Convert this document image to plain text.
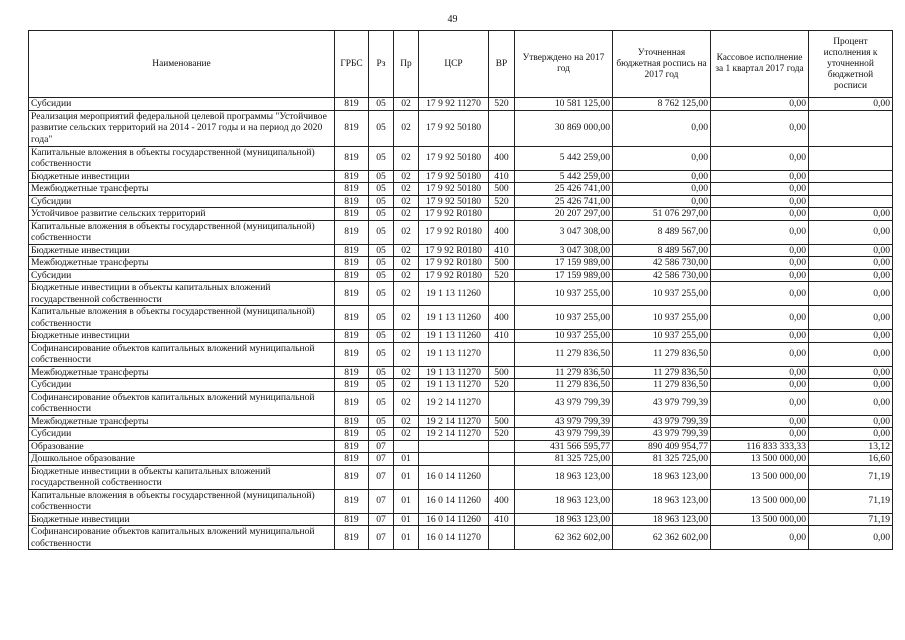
49
Наименование	ГРБС	Рз	Пр	ЦСР	ВР	Утверждено на 2017 год	Уточненная бюджетная роспись на 2017 год	Кассовое исполнение за 1 квартал 2017 года	Процент исполнения к уточненной бюджетной росписи
Субсидии	819	05	02	17 9 92 11270	520	10 581 125,00	8 762 125,00	0,00	0,00
Реализация мероприятий федеральной целевой программы "Устойчивое развитие сельских территорий на 2014 - 2017 годы и на период до 2020 года"	819	05	02	17 9 92 50180		30 869 000,00	0,00	0,00	
Капитальные вложения в объекты государственной (муниципальной) собственности	819	05	02	17 9 92 50180	400	5 442 259,00	0,00	0,00	
Бюджетные инвестиции	819	05	02	17 9 92 50180	410	5 442 259,00	0,00	0,00	
Межбюджетные трансферты	819	05	02	17 9 92 50180	500	25 426 741,00	0,00	0,00	
Субсидии	819	05	02	17 9 92 50180	520	25 426 741,00	0,00	0,00	
Устойчивое развитие сельских территорий	819	05	02	17 9 92 R0180		20 207 297,00	51 076 297,00	0,00	0,00
Капитальные вложения в объекты государственной (муниципальной) собственности	819	05	02	17 9 92 R0180	400	3 047 308,00	8 489 567,00	0,00	0,00
Бюджетные инвестиции	819	05	02	17 9 92 R0180	410	3 047 308,00	8 489 567,00	0,00	0,00
Межбюджетные трансферты	819	05	02	17 9 92 R0180	500	17 159 989,00	42 586 730,00	0,00	0,00
Субсидии	819	05	02	17 9 92 R0180	520	17 159 989,00	42 586 730,00	0,00	0,00
Бюджетные инвестиции в объекты капитальных вложений государственной собственности	819	05	02	19 1 13 11260		10 937 255,00	10 937 255,00	0,00	0,00
Капитальные вложения в объекты государственной (муниципальной) собственности	819	05	02	19 1 13 11260	400	10 937 255,00	10 937 255,00	0,00	0,00
Бюджетные инвестиции	819	05	02	19 1 13 11260	410	10 937 255,00	10 937 255,00	0,00	0,00
Софинансирование объектов капитальных вложений муниципальной собственности	819	05	02	19 1 13 11270		11 279 836,50	11 279 836,50	0,00	0,00
Межбюджетные трансферты	819	05	02	19 1 13 11270	500	11 279 836,50	11 279 836,50	0,00	0,00
Субсидии	819	05	02	19 1 13 11270	520	11 279 836,50	11 279 836,50	0,00	0,00
Софинансирование объектов капитальных вложений муниципальной собственности	819	05	02	19 2 14 11270		43 979 799,39	43 979 799,39	0,00	0,00
Межбюджетные трансферты	819	05	02	19 2 14 11270	500	43 979 799,39	43 979 799,39	0,00	0,00
Субсидии	819	05	02	19 2 14 11270	520	43 979 799,39	43 979 799,39	0,00	0,00
Образование	819	07				431 566 595,77	890 409 954,77	116 833 333,33	13,12
Дошкольное образование	819	07	01			81 325 725,00	81 325 725,00	13 500 000,00	16,60
Бюджетные инвестиции в объекты капитальных вложений государственной собственности	819	07	01	16 0 14 11260		18 963 123,00	18 963 123,00	13 500 000,00	71,19
Капитальные вложения в объекты государственной (муниципальной) собственности	819	07	01	16 0 14 11260	400	18 963 123,00	18 963 123,00	13 500 000,00	71,19
Бюджетные инвестиции	819	07	01	16 0 14 11260	410	18 963 123,00	18 963 123,00	13 500 000,00	71,19
Софинансирование объектов капитальных вложений муниципальной собственности	819	07	01	16 0 14 11270		62 362 602,00	62 362 602,00	0,00	0,00
